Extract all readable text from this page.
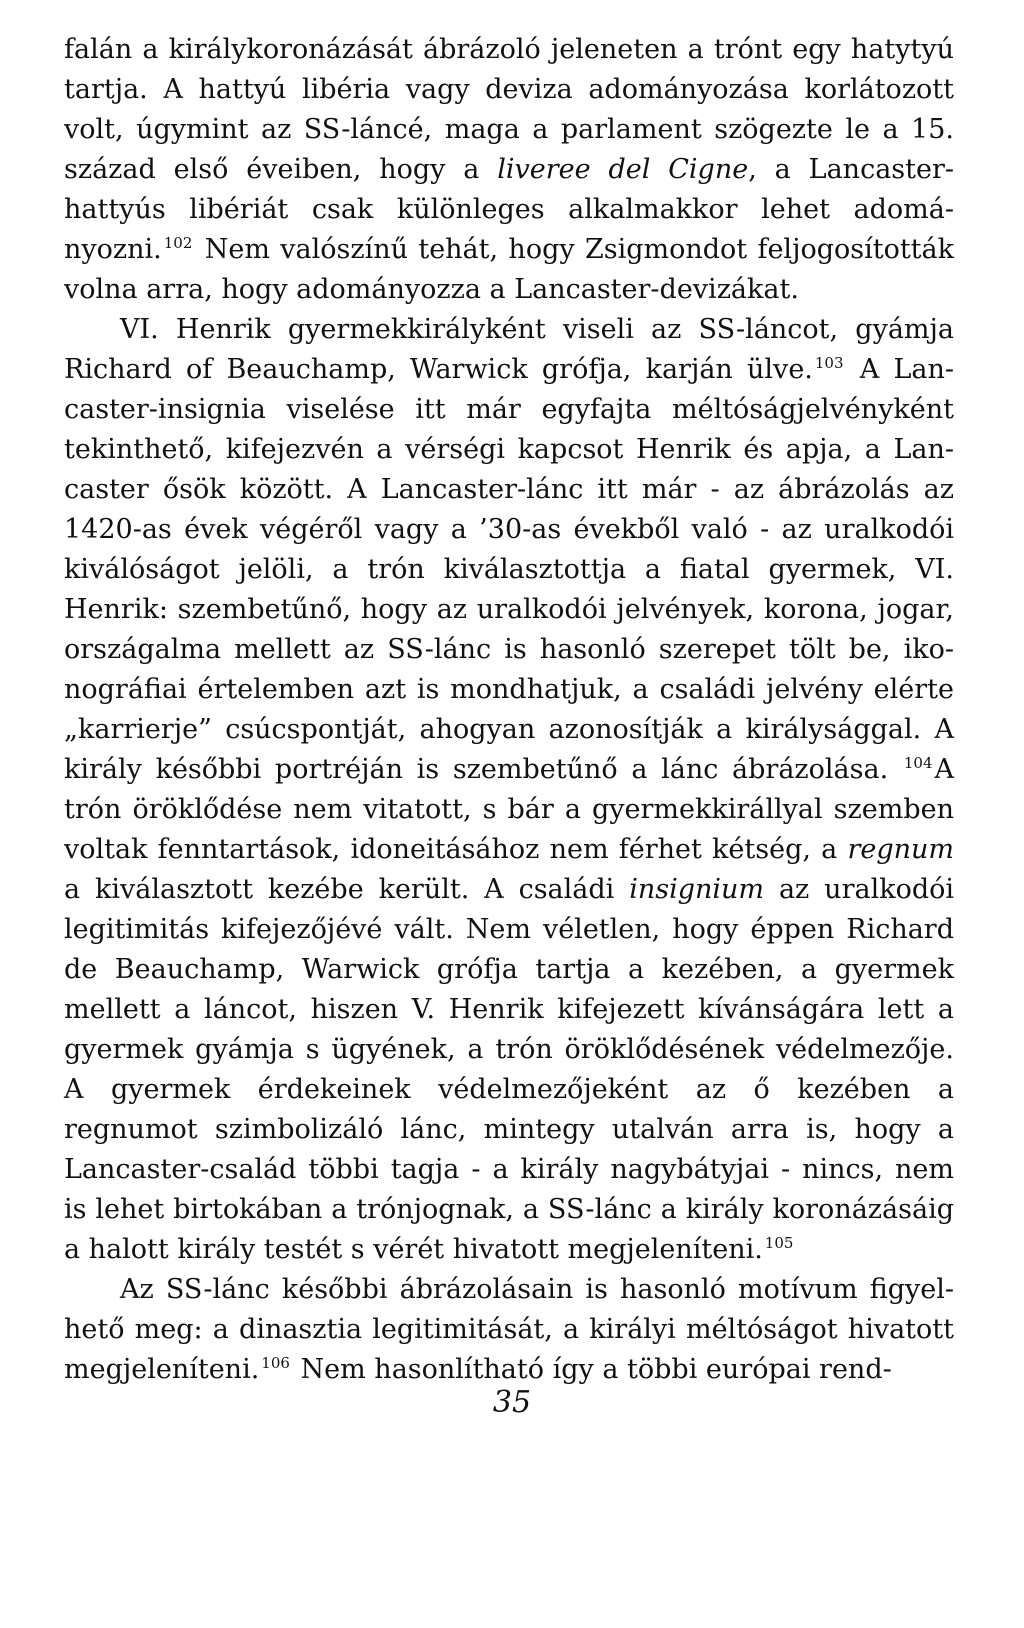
falán a királykoronázását ábrázoló jeleneten a trónt egy hatytyú tartja. A hattyú libéria vagy deviza adományozása korlátozott volt, úgymint az SS-láncé, maga a parlament szögezte le a 15. század első éveiben, hogy a liveree del Cigne, a Lancaster-hattyús libériát csak különleges alkalmakkor lehet adományozni. $^{102}$ Nem valószínű tehát, hogy Zsigmondot feljogosították volna arra, hogy adományozza a Lancaster-devizákat.

VI. Henrik gyermekkirályként viseli az SS-láncot, gyámja Richard of Beauchamp, Warwick grófja, karján ülve. $^{103}$ A Lancaster-insignia viselése itt már egyfajta méltóságjelvényként tekinthető, kifejezvén a vérségi kapcsot Henrik és apja, a Lancaster ősök között. A Lancaster-lánc itt már - az ábrázolás az 1420-as évek végéről vagy a ’30-as évekből való - az uralkodói kiválóságot jelöli, a trón kiválasztottja a fiatal gyermek, VI. Henrik: szembetűnő, hogy az uralkodói jelvények, korona, jogar, országalma mellett az SS-lánc is hasonló szerepet tölt be, ikonográfiai értelemben azt is mondhatjuk, a családi jelvény elérte „karrierje” csúcspontját, ahogyan azonosítják a királysággal. A király későbbi portréján is szembetűnő a lánc ábrázolása. $^{104}$A trón öröklődése nem vitatott, s bár a gyermekkirállyal szemben voltak fenntartások, idoneitásához nem férhet kétség, a regnum a kiválasztott kezébe került. A családi insignium az uralkodói legitimitás kifejezőjévé vált. Nem véletlen, hogy éppen Richard de Beauchamp, Warwick grófja tartja a kezében, a gyermek mellett a láncot, hiszen V. Henrik kifejezett kívánságára lett a gyermek gyámja s ügyének, a trón öröklődésének védelmezője. A gyermek érdekeinek védelmezőjeként az ő kezében a regnumot szimbolizáló lánc, mintegy utalván arra is, hogy a Lancaster-család többi tagja - a király nagybátyjai - nincs, nem is lehet birtokában a trónjognak, a SS-lánc a király koronázásáig a halott király testét s vérét hivatott megjeleníteni. $^{105}$

Az SS-lánc későbbi ábrázolásain is hasonló motívum figyelhető meg: a dinasztia legitimitását, a királyi méltóságot hivatott megjeleníteni. $^{106}$ Nem hasonlítható így a többi európai rend-

35
